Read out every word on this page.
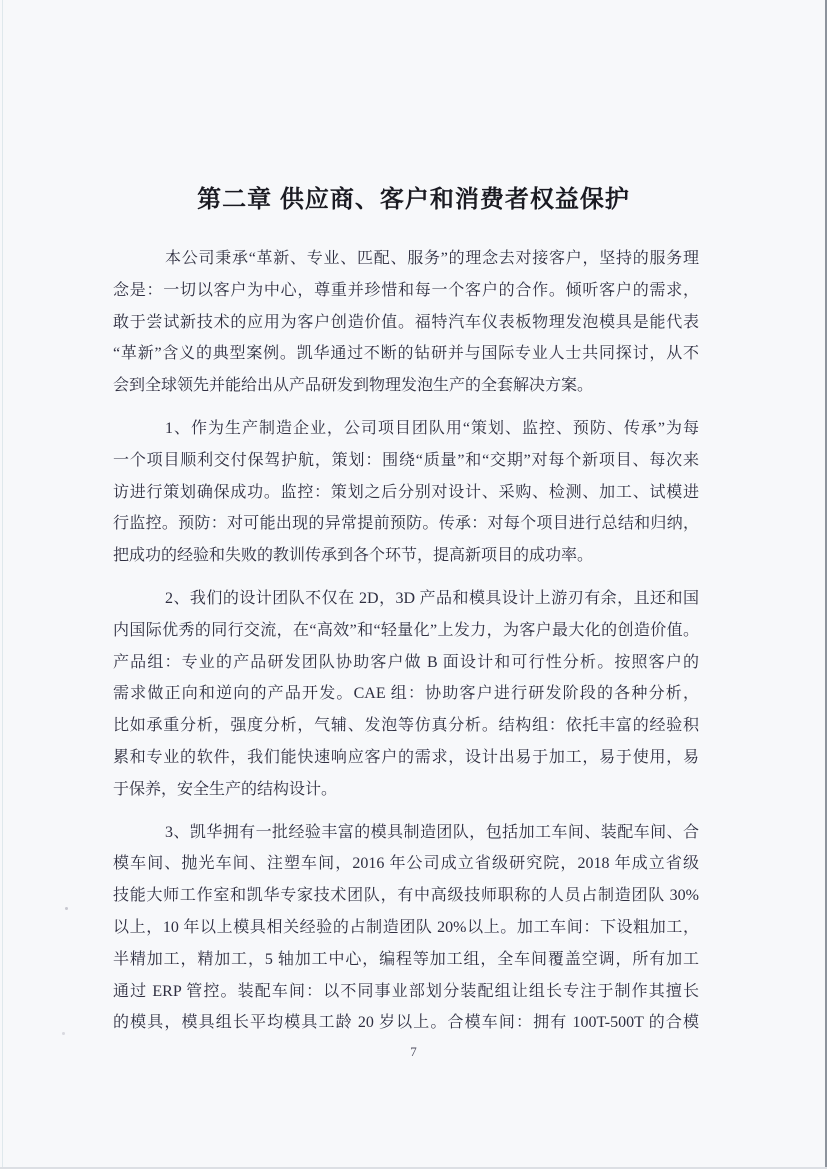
第二章 供应商、客户和消费者权益保护
本公司秉承“革新、专业、匹配、服务”的理念去对接客户，坚持的服务理
念是：一切以客户为中心，尊重并珍惜和每一个客户的合作。倾听客户的需求，
敢于尝试新技术的应用为客户创造价值。福特汽车仪表板物理发泡模具是能代表
“革新”含义的典型案例。凯华通过不断的钻研并与国际专业人士共同探讨，从不
会到全球领先并能给出从产品研发到物理发泡生产的全套解决方案。
1、作为生产制造企业，公司项目团队用“策划、监控、预防、传承”为每
一个项目顺利交付保驾护航，策划：围绕“质量”和“交期”对每个新项目、每次来
访进行策划确保成功。监控：策划之后分别对设计、采购、检测、加工、试模进
行监控。预防：对可能出现的异常提前预防。传承：对每个项目进行总结和归纳，
把成功的经验和失败的教训传承到各个环节，提高新项目的成功率。
2、我们的设计团队不仅在 2D，3D 产品和模具设计上游刃有余，且还和国
内国际优秀的同行交流，在“高效”和“轻量化”上发力，为客户最大化的创造价值。
产品组：专业的产品研发团队协助客户做 B 面设计和可行性分析。按照客户的
需求做正向和逆向的产品开发。CAE 组：协助客户进行研发阶段的各种分析，
比如承重分析，强度分析，气辅、发泡等仿真分析。结构组：依托丰富的经验积
累和专业的软件，我们能快速响应客户的需求，设计出易于加工，易于使用，易
于保养，安全生产的结构设计。
3、凯华拥有一批经验丰富的模具制造团队，包括加工车间、装配车间、合
模车间、抛光车间、注塑车间，2016 年公司成立省级研究院，2018 年成立省级
技能大师工作室和凯华专家技术团队，有中高级技师职称的人员占制造团队 30%
以上，10 年以上模具相关经验的占制造团队 20%以上。加工车间：下设粗加工，
半精加工，精加工，5 轴加工中心，编程等加工组，全车间覆盖空调，所有加工
通过 ERP 管控。装配车间：以不同事业部划分装配组让组长专注于制作其擅长
的模具，模具组长平均模具工龄 20 岁以上。合模车间：拥有 100T-500T 的合模
7
